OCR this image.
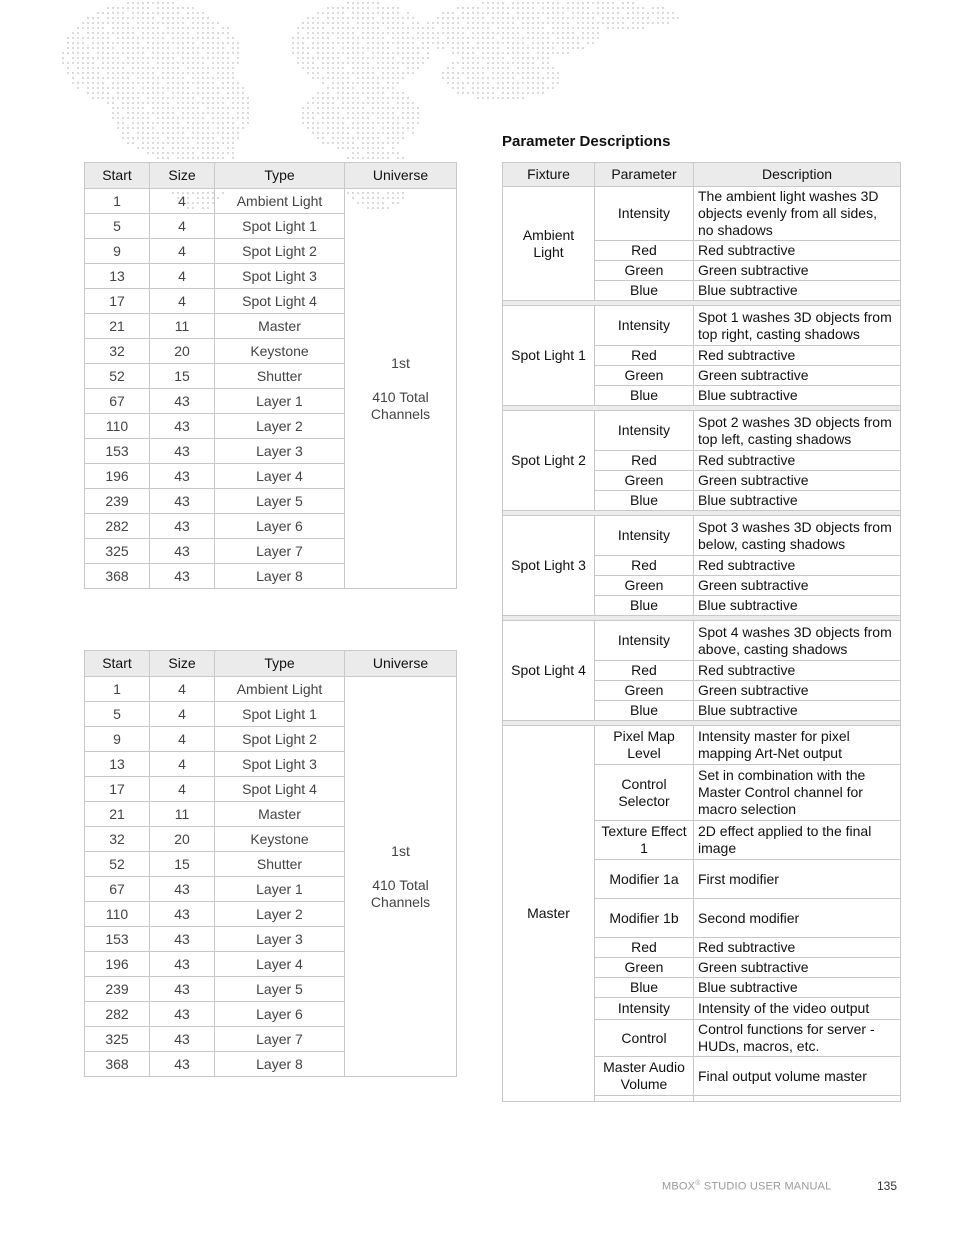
Start	Size	Type	Universe
1	4	Ambient Light	1st
410 Total Channels

5	4	Spot Light 1	
9	4	Spot Light 2	
13	4	Spot Light 3	
17	4	Spot Light 4	
21	11	Master	
32	20	Keystone	
52	15	Shutter	
67	43	Layer 1	
110	43	Layer 2	
153	43	Layer 3	
196	43	Layer 4	
239	43	Layer 5	
282	43	Layer 6	
325	43	Layer 7	
368	43	Layer 8	
Start	Size	Type	Universe
1	4	Ambient Light	1st
410 Total Channels

5	4	Spot Light 1	
9	4	Spot Light 2	
13	4	Spot Light 3	
17	4	Spot Light 4	
21	11	Master	
32	20	Keystone	
52	15	Shutter	
67	43	Layer 1	
110	43	Layer 2	
153	43	Layer 3	
196	43	Layer 4	
239	43	Layer 5	
282	43	Layer 6	
325	43	Layer 7	
368	43	Layer 8	
Parameter Descriptions
Fixture	Parameter	Description
Ambient Light	Intensity	The ambient light washes 3D objects evenly from all sides, no shadows
	Red	Red subtractive
	Green	Green subtractive
	Blue	Blue subtractive

Spot Light 1	Intensity	Spot 1 washes 3D objects from top right, casting shadows
	Red	Red subtractive
	Green	Green subtractive
	Blue	Blue subtractive

Spot Light 2	Intensity	Spot 2 washes 3D objects from top left, casting shadows
	Red	Red subtractive
	Green	Green subtractive
	Blue	Blue subtractive

Spot Light 3	Intensity	Spot 3 washes 3D objects from below, casting shadows
	Red	Red subtractive
	Green	Green subtractive
	Blue	Blue subtractive

Spot Light 4	Intensity	Spot 4 washes 3D objects from above, casting shadows
	Red	Red subtractive
	Green	Green subtractive
	Blue	Blue subtractive

Master	Pixel Map Level	Intensity master for pixel mapping Art-Net output
	Control Selector	Set in combination with the Master Control channel for macro selection
	Texture Effect 1	2D effect applied to the final image
	Modifier 1a	First modifier
	Modifier 1b	Second modifier
	Red	Red subtractive
	Green	Green subtractive
	Blue	Blue subtractive
	Intensity	Intensity of the video output
	Control	Control functions for server - HUDs, macros, etc.
	Master Audio Volume	Final output volume master

MBOX® STUDIO USER MANUAL	135
